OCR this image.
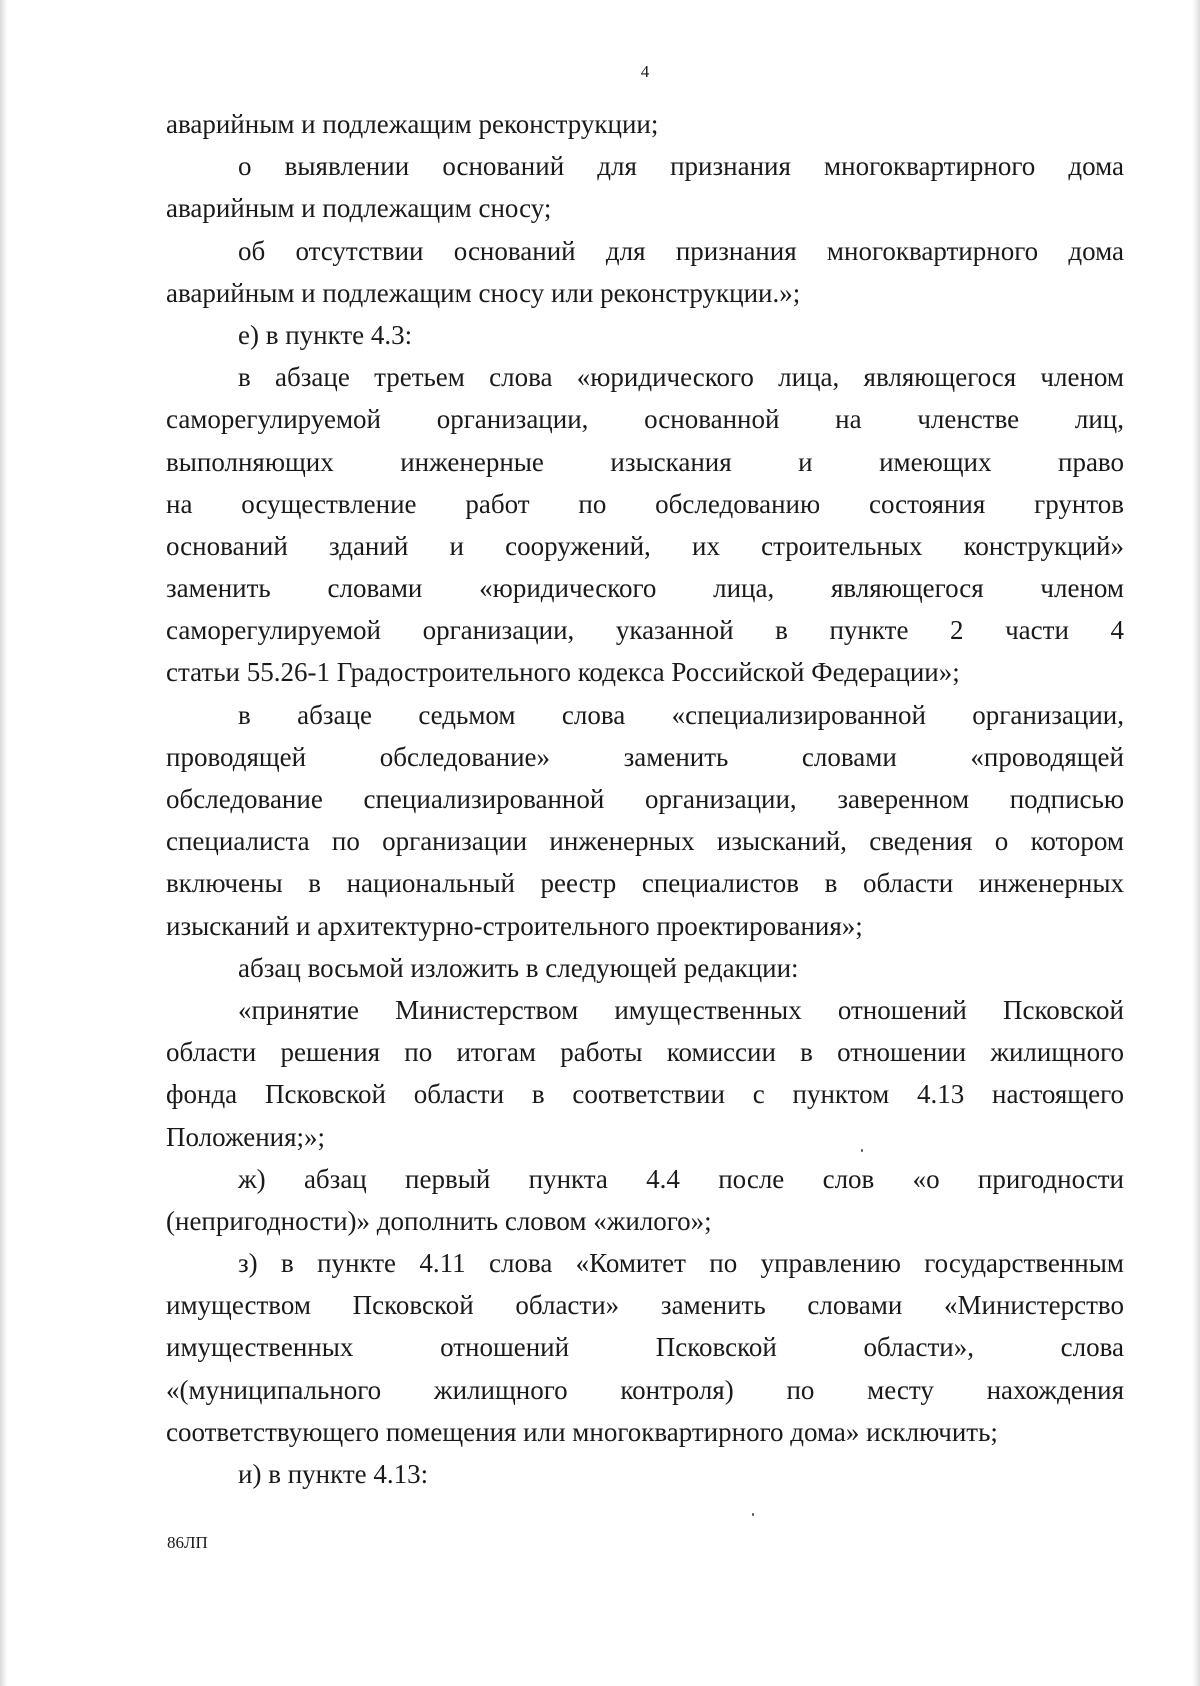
4
аварийным и подлежащим реконструкции;
о выявлении оснований для признания многоквартирного дома
аварийным и подлежащим сносу;
об отсутствии оснований для признания многоквартирного дома
аварийным и подлежащим сносу или реконструкции.»;
е) в пункте 4.3:
в абзаце третьем слова «юридического лица, являющегося членом
саморегулируемой организации, основанной на членстве лиц,
выполняющих инженерные изыскания и имеющих право
на осуществление работ по обследованию состояния грунтов
оснований зданий и сооружений, их строительных конструкций»
заменить словами «юридического лица, являющегося членом
саморегулируемой организации, указанной в пункте 2 части 4
статьи 55.26-1 Градостроительного кодекса Российской Федерации»;
в абзаце седьмом слова «специализированной организации,
проводящей обследование» заменить словами «проводящей
обследование специализированной организации, заверенном подписью
специалиста по организации инженерных изысканий, сведения о котором
включены в национальный реестр специалистов в области инженерных
изысканий и архитектурно-строительного проектирования»;
абзац восьмой изложить в следующей редакции:
«принятие Министерством имущественных отношений Псковской
области решения по итогам работы комиссии в отношении жилищного
фонда Псковской области в соответствии с пунктом 4.13 настоящего
Положения;»;
ж) абзац первый пункта 4.4 после слов «о пригодности
(непригодности)» дополнить словом «жилого»;
з) в пункте 4.11 слова «Комитет по управлению государственным
имуществом Псковской области» заменить словами «Министерство
имущественных отношений Псковской области», слова
«(муниципального жилищного контроля) по месту нахождения
соответствующего помещения или многоквартирного дома» исключить;
и) в пункте 4.13:
86ЛП
